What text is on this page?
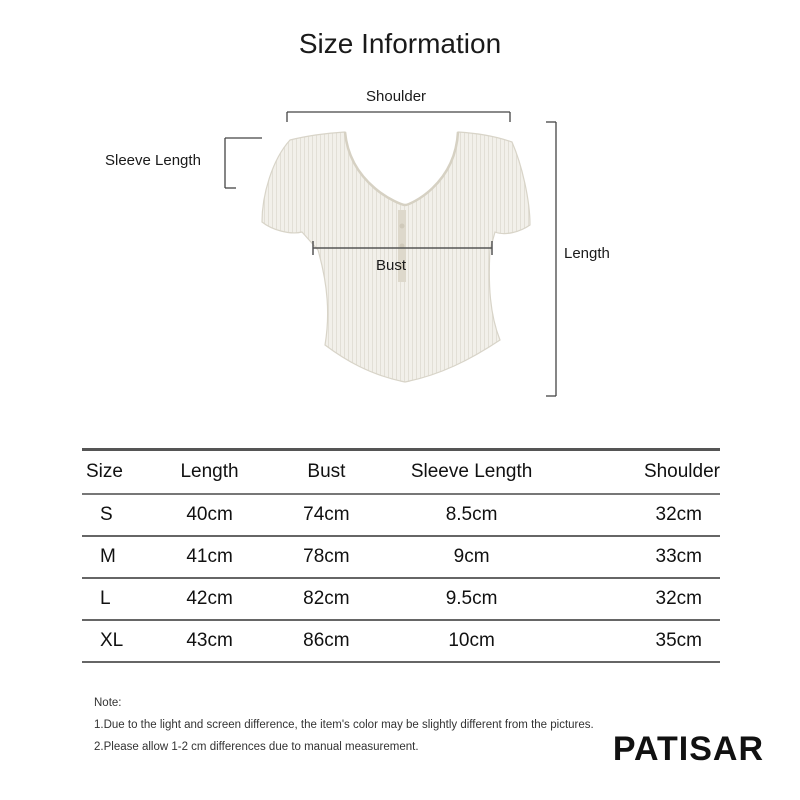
Size Information
Shoulder
Sleeve Length
Bust
Length
Size	Length	Bust	Sleeve Length	Shoulder
S	40cm	74cm	8.5cm	32cm
M	41cm	78cm	9cm	33cm
L	42cm	82cm	9.5cm	32cm
XL	43cm	86cm	10cm	35cm
Note:
1.Due to the light and screen difference, the item's color may be slightly different from the pictures.
2.Please allow 1-2 cm differences due to manual measurement.	PATISAR
